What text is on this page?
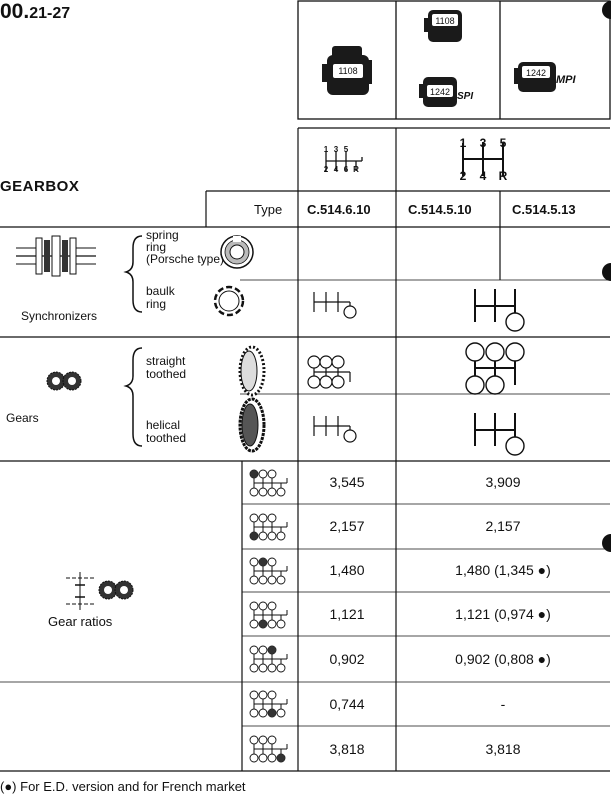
00.21-27
1108
1108
1242 SPI
1242
MPI
1 3 5
2 4 6 R
1	3	5
2	4	R
GEARBOX
Type C.514.6.10	C.514.5.10	C.514.5.13
spring
ring
(Porsche type)
baulk
ring
Synchronizers
straight
toothed
helical
toothed
Gears
Gear ratios
3,545	3,909
2,157	2,157
1,480	1,480 (1,345 ●)
1,121	1,121 (0,974 ●)
0,902	0,902 (0,808 ●)
0,744	-
3,818	3,818
(●) For E.D. version and for French market
